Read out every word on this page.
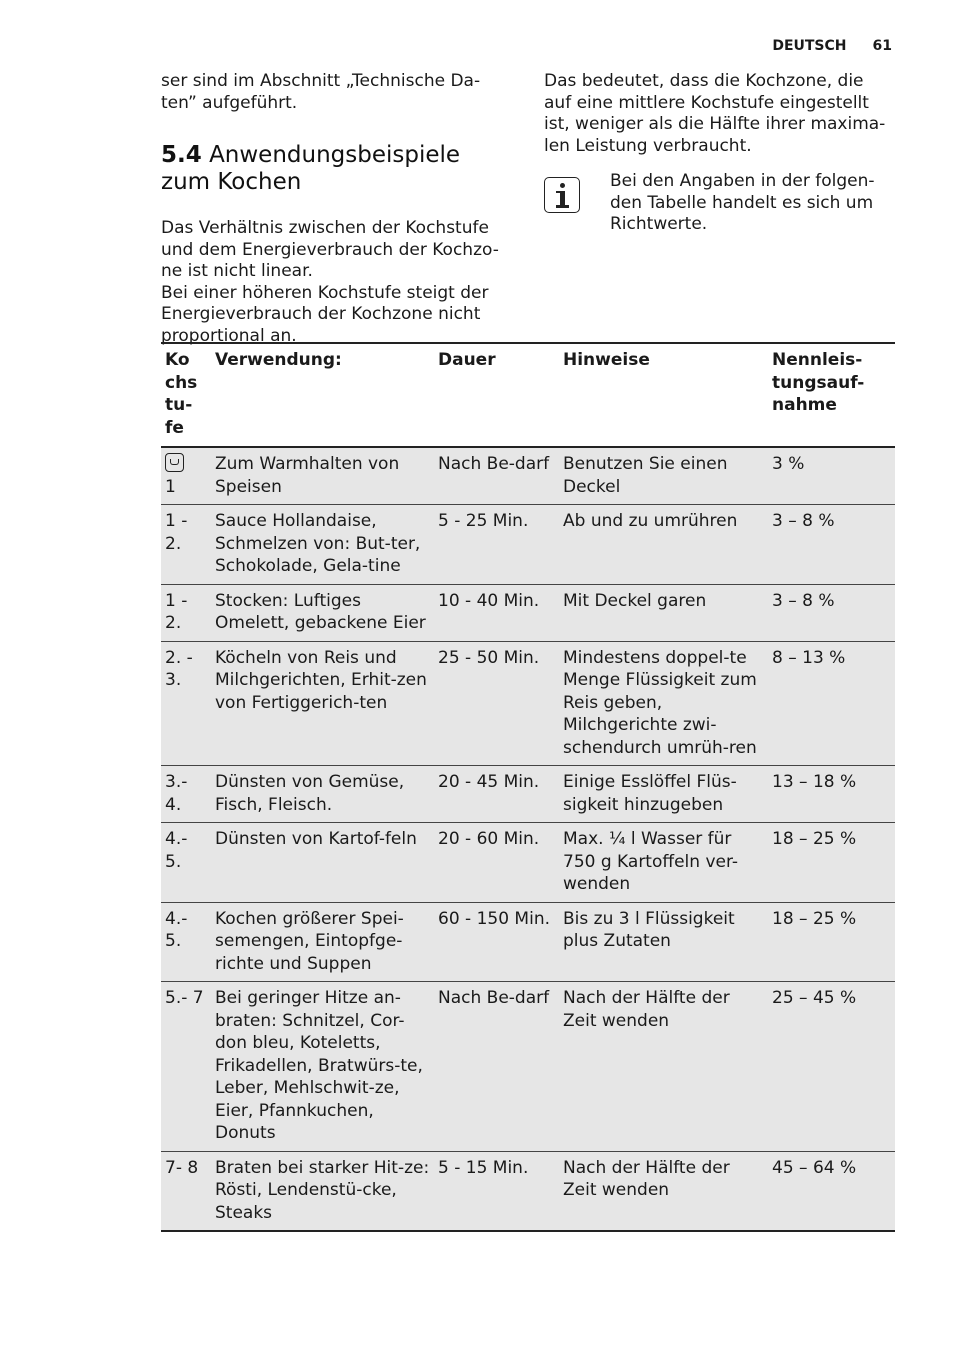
DEUTSCH 61

ser sind im Abschnitt „Technische Da-ten” aufgeführt.

5.4 Anwendungsbeispiele zum Kochen

Das Verhältnis zwischen der Kochstufe und dem Energieverbrauch der Kochzo-ne ist nicht linear.

Bei einer höheren Kochstufe steigt der Energieverbrauch der Kochzone nicht proportional an.

Das bedeutet, dass die Kochzone, die auf eine mittlere Kochstufe eingestellt ist, weniger als die Hälfte ihrer maxima-len Leistung verbraucht.

Bei den Angaben in der folgen-den Tabelle handelt es sich um Richtwerte.

Ko chs tu- fe	Verwendung:	Dauer	Hinweise	Nennleis-tungsauf-nahme

1	Zum Warmhalten von Speisen	Nach Be-darf	Benutzen Sie einen Deckel	3 %
1 - 2.	Sauce Hollandaise, Schmelzen von: But-ter, Schokolade, Gela-tine	5 - 25 Min.	Ab und zu umrühren	3 – 8 %
1 - 2.	Stocken: Luftiges Omelett, gebackene Eier	10 - 40 Min.	Mit Deckel garen	3 – 8 %
2. - 3.	Köcheln von Reis und Milchgerichten, Erhit-zen von Fertiggerich-ten	25 - 50 Min.	Mindestens doppel-te Menge Flüssigkeit zum Reis geben, Milchgerichte zwi-schendurch umrüh-ren	8 – 13 %
3.- 4.	Dünsten von Gemüse, Fisch, Fleisch.	20 - 45 Min.	Einige Esslöffel Flüs-sigkeit hinzugeben	13 – 18 %
4.- 5.	Dünsten von Kartof-feln	20 - 60 Min.	Max. ¼ l Wasser für 750 g Kartoffeln ver-wenden	18 – 25 %
4.- 5.	Kochen größerer Spei-semengen, Eintopfge-richte und Suppen	60 - 150 Min.	Bis zu 3 l Flüssigkeit plus Zutaten	18 – 25 %
5.- 7	Bei geringer Hitze an-braten: Schnitzel, Cor-don bleu, Koteletts, Frikadellen, Bratwürs-te, Leber, Mehlschwit-ze, Eier, Pfannkuchen, Donuts	Nach Be-darf	Nach der Hälfte der Zeit wenden	25 – 45 %
7- 8	Braten bei starker Hit-ze: Rösti, Lendenstü-cke, Steaks	5 - 15 Min.	Nach der Hälfte der Zeit wenden	45 – 64 %
